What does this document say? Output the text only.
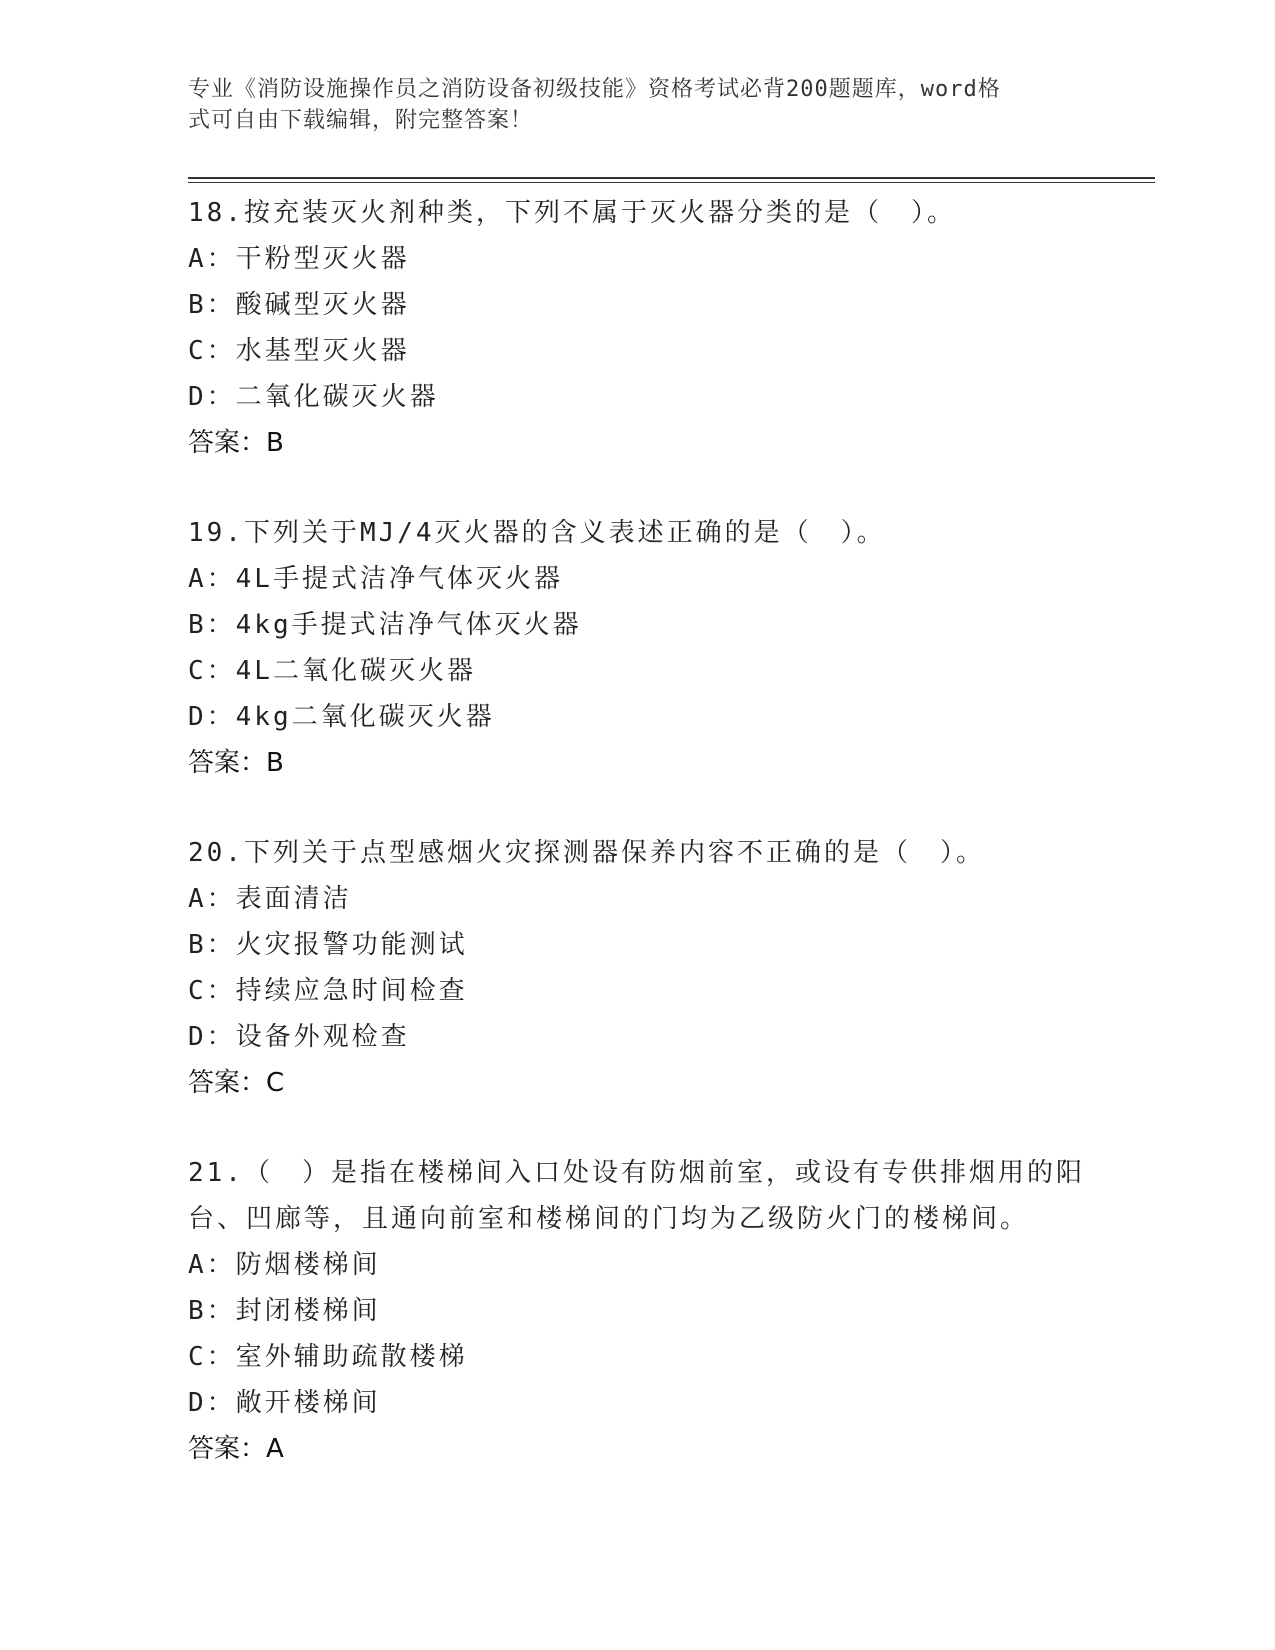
专业《消防设施操作员之消防设备初级技能》资格考试必背200题题库，word格
式可自由下载编辑，附完整答案！
18.按充装灭火剂种类，下列不属于灭火器分类的是（　）。
A：干粉型灭火器
B：酸碱型灭火器
C：水基型灭火器
D：二氧化碳灭火器
答案：B
19.下列关于MJ/4灭火器的含义表述正确的是（　）。
A：4L手提式洁净气体灭火器
B：4kg手提式洁净气体灭火器
C：4L二氧化碳灭火器
D：4kg二氧化碳灭火器
答案：B
20.下列关于点型感烟火灾探测器保养内容不正确的是（　）。
A：表面清洁
B：火灾报警功能测试
C：持续应急时间检查
D：设备外观检查
答案：C
21.（　）是指在楼梯间入口处设有防烟前室，或设有专供排烟用的阳
台、凹廊等，且通向前室和楼梯间的门均为乙级防火门的楼梯间。
A：防烟楼梯间
B：封闭楼梯间
C：室外辅助疏散楼梯
D：敞开楼梯间
答案：A
